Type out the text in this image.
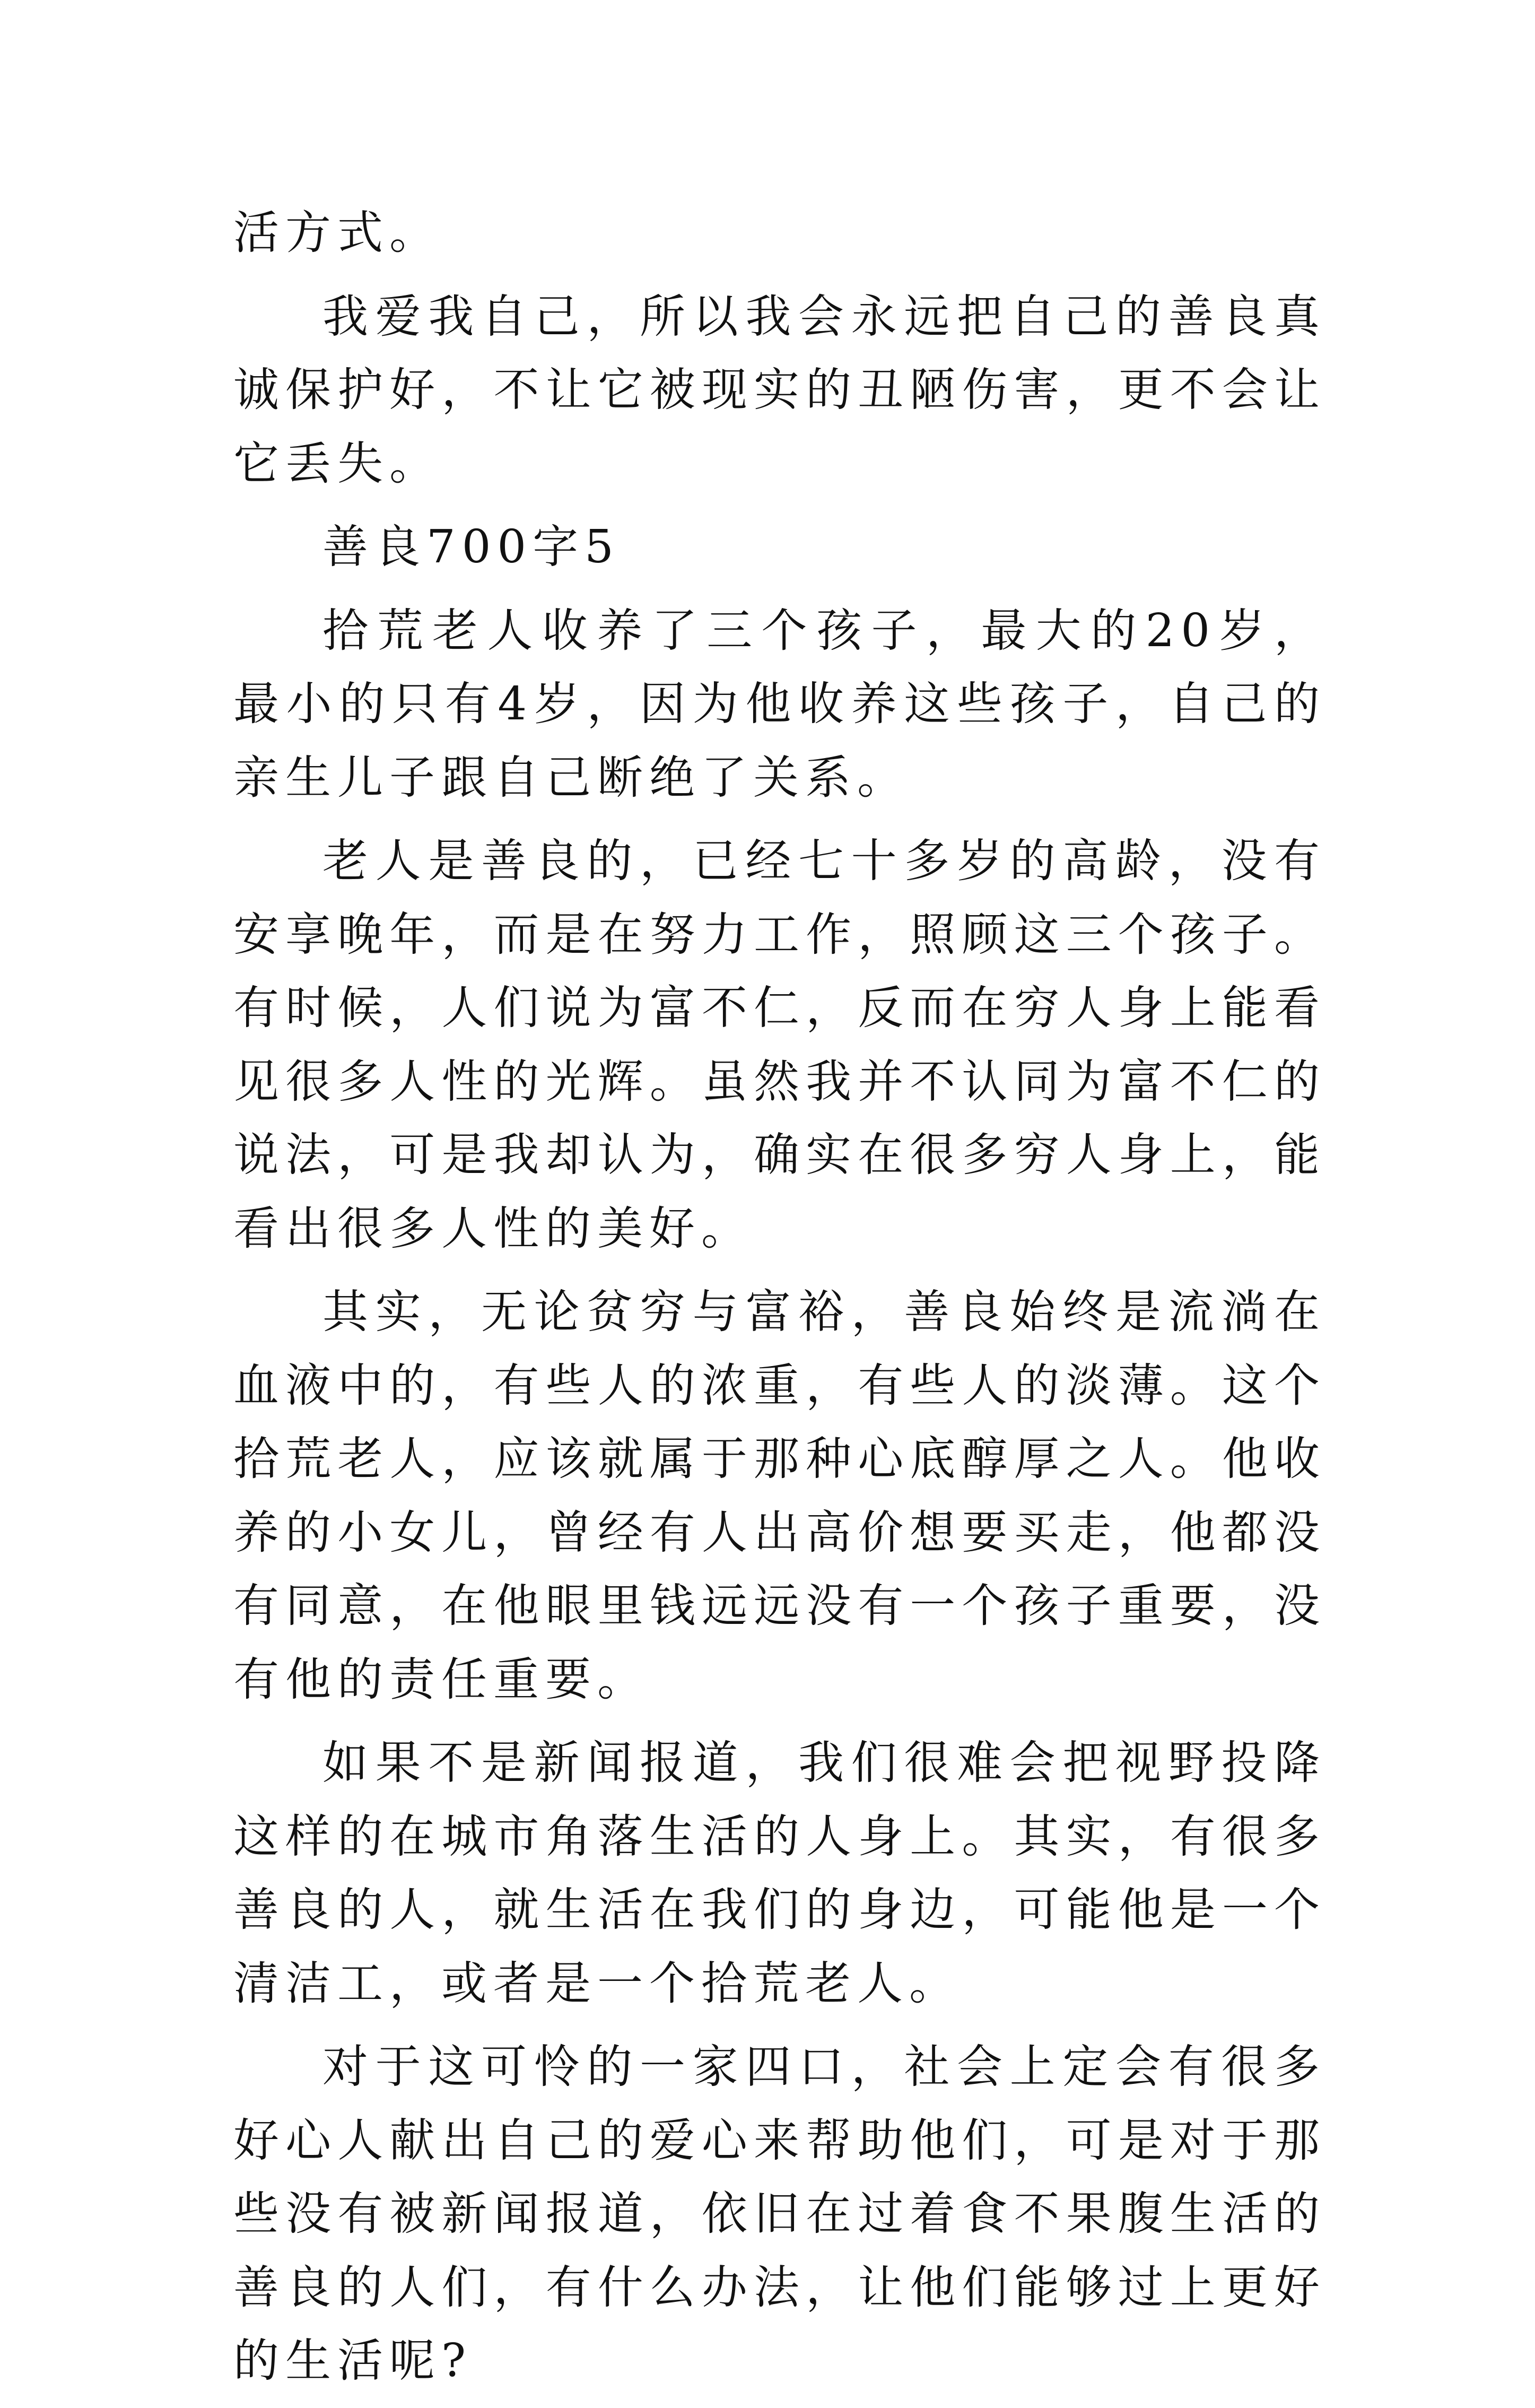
活方式。

我爱我自己，所以我会永远把自己的善良真诚保护好，不让它被现实的丑陋伤害，更不会让它丢失。

善良700字5

拾荒老人收养了三个孩子，最大的20岁，最小的只有4岁，因为他收养这些孩子，自己的亲生儿子跟自己断绝了关系。

老人是善良的，已经七十多岁的高龄，没有安享晚年，而是在努力工作，照顾这三个孩子。有时候，人们说为富不仁，反而在穷人身上能看见很多人性的光辉。虽然我并不认同为富不仁的说法，可是我却认为，确实在很多穷人身上，能看出很多人性的美好。

其实，无论贫穷与富裕，善良始终是流淌在血液中的，有些人的浓重，有些人的淡薄。这个拾荒老人，应该就属于那种心底醇厚之人。他收养的小女儿，曾经有人出高价想要买走，他都没有同意，在他眼里钱远远没有一个孩子重要，没有他的责任重要。

如果不是新闻报道，我们很难会把视野投降这样的在城市角落生活的人身上。其实，有很多善良的人，就生活在我们的身边，可能他是一个清洁工，或者是一个拾荒老人。

对于这可怜的一家四口，社会上定会有很多好心人献出自己的爱心来帮助他们，可是对于那些没有被新闻报道，依旧在过着食不果腹生活的善良的人们，有什么办法，让他们能够过上更好的生活呢?
